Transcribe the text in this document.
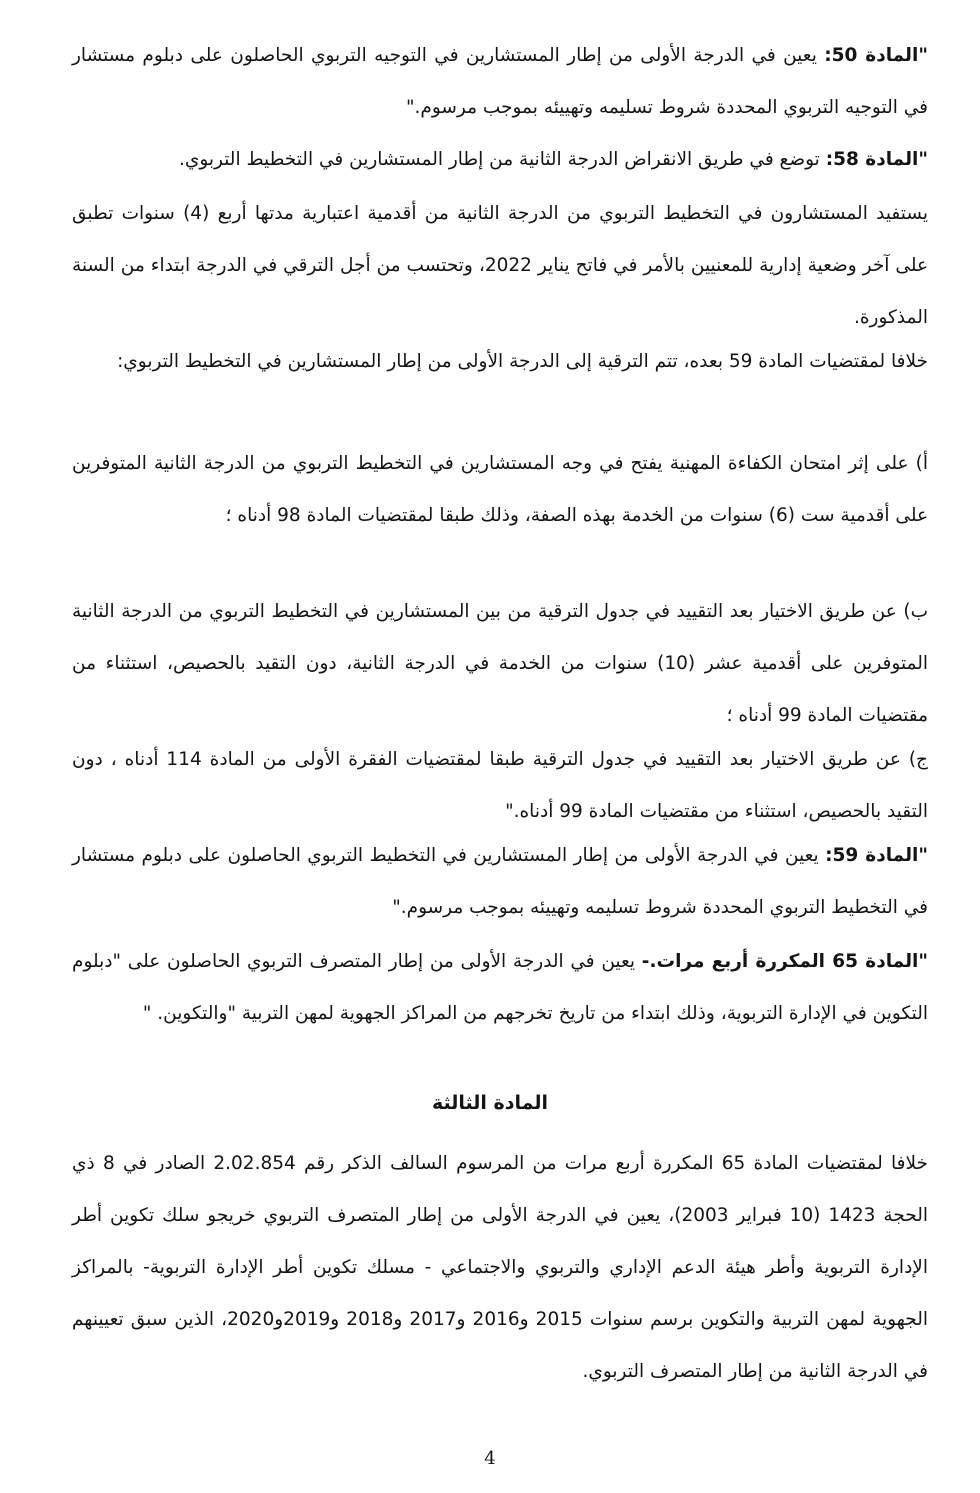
"المادة 50: يعين في الدرجة الأولى من إطار المستشارين في التوجيه التربوي الحاصلون على دبلوم مستشار في التوجيه التربوي المحددة شروط تسليمه وتهييئه بموجب مرسوم."

"المادة 58: توضع في طريق الانقراض الدرجة الثانية من إطار المستشارين في التخطيط التربوي.

يستفيد المستشارون في التخطيط التربوي من الدرجة الثانية من أقدمية اعتبارية مدتها أربع (4) سنوات تطبق على آخر وضعية إدارية للمعنيين بالأمر في فاتح يناير 2022، وتحتسب من أجل الترقي في الدرجة ابتداء من السنة المذكورة.

خلافا لمقتضيات المادة 59 بعده، تتم الترقية إلى الدرجة الأولى من إطار المستشارين في التخطيط التربوي:

أ) على إثر امتحان الكفاءة المهنية يفتح في وجه المستشارين في التخطيط التربوي من الدرجة الثانية المتوفرين على أقدمية ست (6) سنوات من الخدمة بهذه الصفة، وذلك طبقا لمقتضيات المادة 98 أدناه ؛

ب) عن طريق الاختيار بعد التقييد في جدول الترقية من بين المستشارين في التخطيط التربوي من الدرجة الثانية المتوفرين على أقدمية عشر (10) سنوات من الخدمة في الدرجة الثانية، دون التقيد بالحصيص، استثناء من مقتضيات المادة 99 أدناه ؛

ج) عن طريق الاختيار بعد التقييد في جدول الترقية طبقا لمقتضيات الفقرة الأولى من المادة 114 أدناه ، دون التقيد بالحصيص، استثناء من مقتضيات المادة 99 أدناه."

"المادة 59: يعين في الدرجة الأولى من إطار المستشارين في التخطيط التربوي الحاصلون على دبلوم مستشار في التخطيط التربوي المحددة شروط تسليمه وتهييئه بموجب مرسوم."

"المادة 65 المكررة أربع مرات.- يعين في الدرجة الأولى من إطار المتصرف التربوي الحاصلون على "دبلوم التكوين في الإدارة التربوية، وذلك ابتداء من تاريخ تخرجهم من المراكز الجهوية لمهن التربية "والتكوين. "

المادة الثالثة

خلافا لمقتضيات المادة 65 المكررة أربع مرات من المرسوم السالف الذكر رقم 2.02.854 الصادر في 8 ذي الحجة 1423 (10 فبراير 2003)، يعين في الدرجة الأولى من إطار المتصرف التربوي خريجو سلك تكوين أطر الإدارة التربوية وأطر هيئة الدعم الإداري والتربوي والاجتماعي - مسلك تكوين أطر الإدارة التربوية- بالمراكز الجهوية لمهن التربية والتكوين برسم سنوات 2015 و2016 و2017 و2018 و2019و2020، الذين سبق تعيينهم في الدرجة الثانية من إطار المتصرف التربوي.

4
